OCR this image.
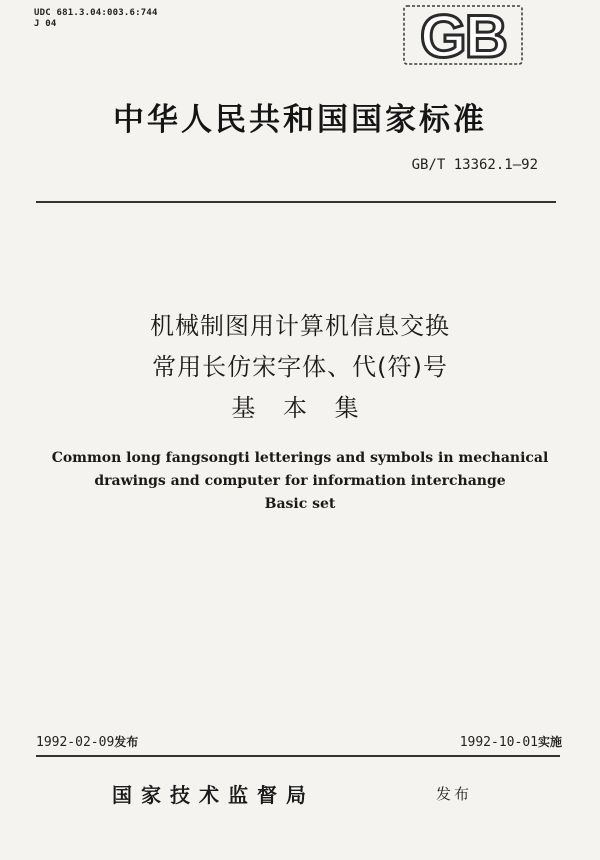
UDC 681.3.04:003.6:744
J 04	GB
中华人民共和国国家标准
GB/T 13362.1—92
机械制图用计算机信息交换
常用长仿宋字体、代(符)号
基 本 集
Common long fangsongti letterings and symbols in mechanical
drawings and computer for information interchange
Basic set
1992-02-09发布	1992-10-01实施
国家技术监督局	发布
